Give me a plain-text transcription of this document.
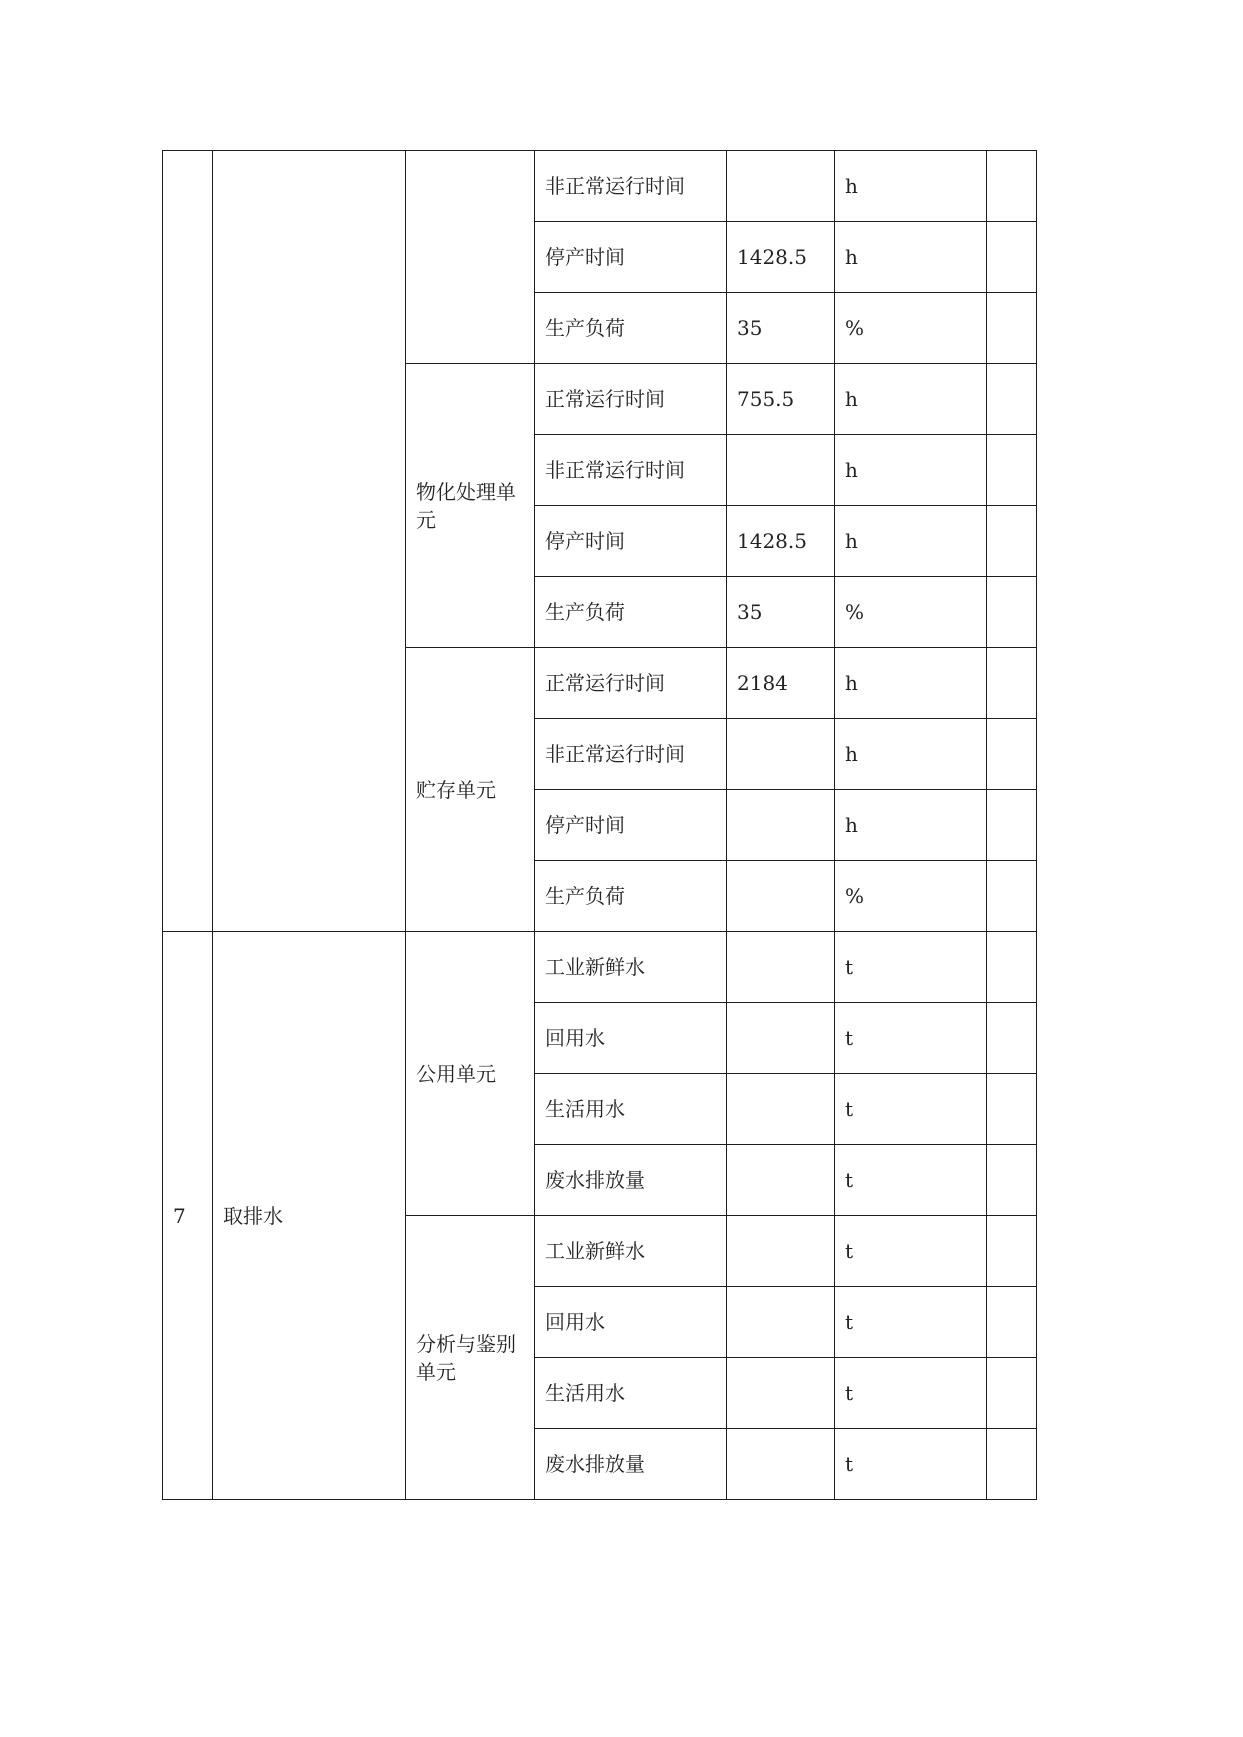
			非正常运行时间		h	
			停产时间	1428.5	h	
			生产负荷	35	%	
		物化处理单元	正常运行时间	755.5	h	
			非正常运行时间		h	
			停产时间	1428.5	h	
			生产负荷	35	%	
		贮存单元	正常运行时间	2184	h	
			非正常运行时间		h	
			停产时间		h	
			生产负荷		%	
7	取排水	公用单元	工业新鲜水		t	
			回用水		t	
			生活用水		t	
			废水排放量		t	
		分析与鉴别单元	工业新鲜水		t	
			回用水		t	
			生活用水		t	
			废水排放量		t	
